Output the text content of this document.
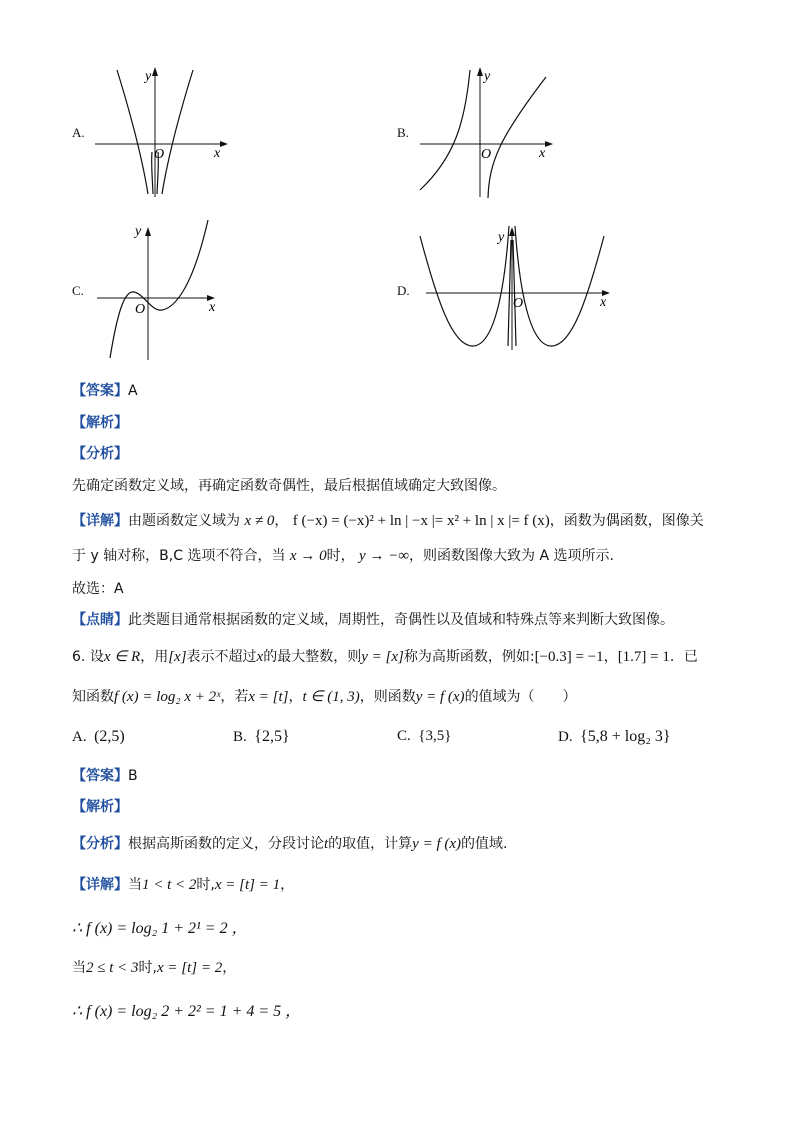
A.
y
x
O
B.
y
x
O
C.
y
x
O
D.
y
x
O
【答案】A
【解析】
【分析】
先确定函数定义域，再确定函数奇偶性，最后根据值域确定大致图像。
【详解】由题函数定义域为 x ≠ 0， f (−x) = (−x)² + ln | −x |= x² + ln | x |= f (x)，函数为偶函数，图像关
于 y 轴对称，B,C 选项不符合，当 x → 0时， y → −∞，则函数图像大致为 A 选项所示.
故选：A
【点睛】此类题目通常根据函数的定义域，周期性，奇偶性以及值域和特殊点等来判断大致图像。
6. 设x ∈ R，用[x]表示不超过x的最大整数，则y = [x]称为高斯函数，例如:[−0.3] = −1，[1.7] = 1．已
知函数f (x) = log₂ x + 2ˣ，若x = [t]，t ∈ (1, 3)，则函数y = f (x)的值域为（　　）
A. (2,5)	B. {2,5}	C. {3,5}	D. {5,8 + log₂ 3}
【答案】B
【解析】
【分析】根据高斯函数的定义，分段讨论t的取值，计算y = f (x)的值域.
【详解】当1 < t < 2时,x = [t] = 1，
∴ f (x) = log₂ 1 + 2¹ = 2 ，
当2 ≤ t < 3时,x = [t] = 2，
∴ f (x) = log₂ 2 + 2² = 1 + 4 = 5 ，
